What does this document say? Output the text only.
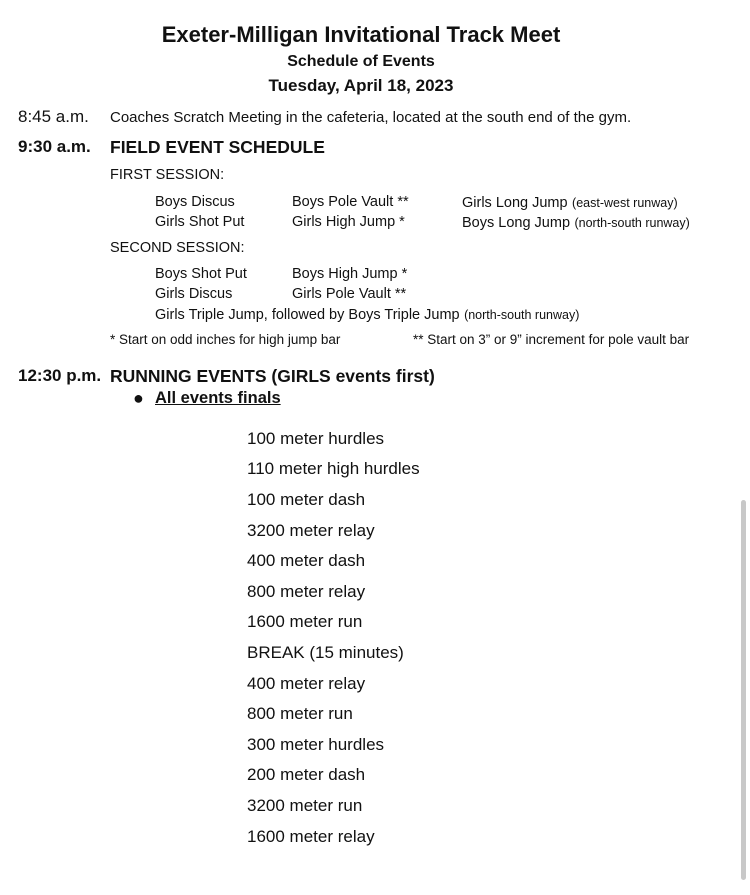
Exeter-Milligan Invitational Track Meet
Schedule of Events
Tuesday, April 18, 2023
8:45 a.m. Coaches Scratch Meeting in the cafeteria, located at the south end of the gym.
9:30 a.m. FIELD EVENT SCHEDULE
FIRST SESSION:
Boys Discus
Girls Shot Put
Boys Pole Vault **
Girls High Jump *
Girls Long Jump (east-west runway)
Boys Long Jump (north-south runway)
SECOND SESSION:
Boys Shot Put
Girls Discus
Boys High Jump *
Girls Pole Vault **
Girls Triple Jump, followed by Boys Triple Jump (north-south runway)
* Start on odd inches for high jump bar	** Start on 3” or 9” increment for pole vault bar
12:30 p.m. RUNNING EVENTS (GIRLS events first)
● All events finals
100 meter hurdles
110 meter high hurdles
100 meter dash
3200 meter relay
400 meter dash
800 meter relay
1600 meter run
BREAK (15 minutes)
400 meter relay
800 meter run
300 meter hurdles
200 meter dash
3200 meter run
1600 meter relay
